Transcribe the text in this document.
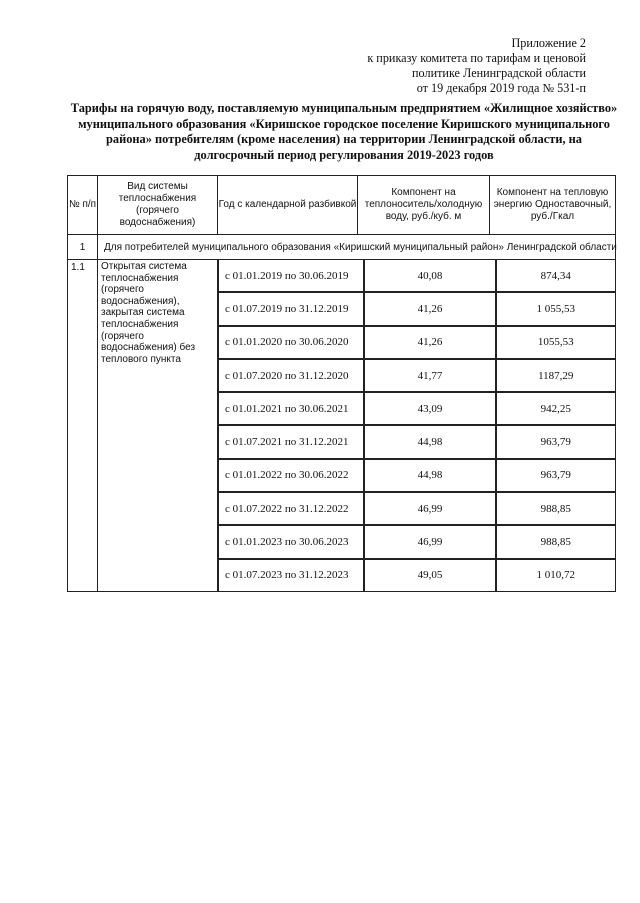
Приложение 2
к приказу комитета по тарифам и ценовой
политике Ленинградской области
от 19 декабря 2019 года № 531-п
Тарифы на горячую воду, поставляемую муниципальным предприятием «Жилищное хозяйство» муниципального образования «Киришское городское поселение Киришского муниципального района» потребителям (кроме населения) на территории Ленинградской области, на долгосрочный период регулирования 2019-2023 годов
№ п/п	Вид системы теплоснабжения (горячего водоснабжения)	Год с календарной разбивкой	Компонент на теплоноситель/холодную воду, руб./куб. м	Компонент на тепловую энергию Одноставочный, руб./Гкал
1	Для потребителей муниципального образования «Киришский муниципальный район» Ленинградской области
1.1	Открытая система теплоснабжения (горячего водоснабжения), закрытая система теплоснабжения (горячего водоснабжения) без теплового пункта	
с 01.01.2019 по 30.06.2019	40,08	874,34
с 01.07.2019 по 31.12.2019	41,26	1 055,53
с 01.01.2020 по 30.06.2020	41,26	1055,53
с 01.07.2020 по 31.12.2020	41,77	1187,29
с 01.01.2021 по 30.06.2021	43,09	942,25
с 01.07.2021 по 31.12.2021	44,98	963,79
с 01.01.2022 по 30.06.2022	44,98	963,79
с 01.07.2022 по 31.12.2022	46,99	988,85
с 01.01.2023 по 30.06.2023	46,99	988,85
с 01.07.2023 по 31.12.2023	49,05	1 010,72
